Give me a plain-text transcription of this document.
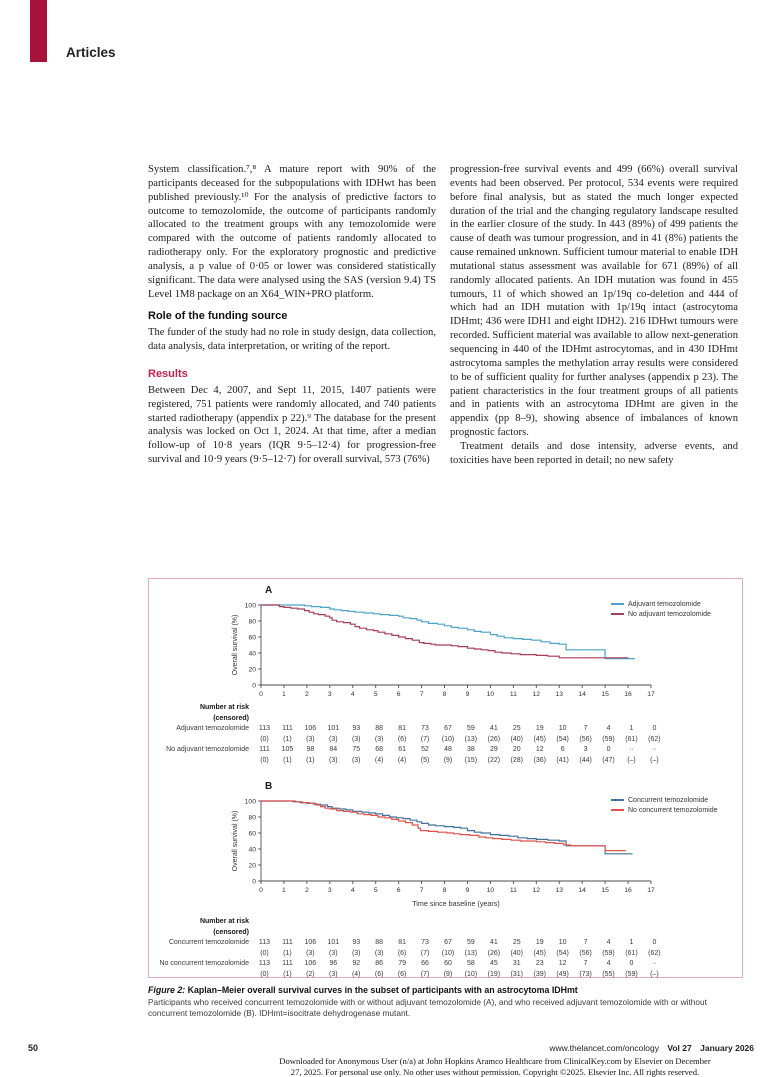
Articles

System classification.⁷,⁸ A mature report with 90% of the participants deceased for the subpopulations with IDHwt has been published previously.¹⁰ For the analysis of predictive factors to outcome to temozolomide, the outcome of participants randomly allocated to the treatment groups with any temozolomide were compared with the outcome of patients randomly allocated to radiotherapy only. For the exploratory prognostic and predictive analysis, a p value of 0·05 or lower was considered statistically significant. The data were analysed using the SAS (version 9.4) TS Level 1M8 package on an X64_WIN+PRO platform.

Role of the funding source

The funder of the study had no role in study design, data collection, data analysis, data interpretation, or writing of the report.

Results

Between Dec 4, 2007, and Sept 11, 2015, 1407 patients were registered, 751 patients were randomly allocated, and 740 patients started radiotherapy (appendix p 22).⁹ The database for the present analysis was locked on Oct 1, 2024. At that time, after a median follow-up of 10·8 years (IQR 9·5–12·4) for progression-free survival and 10·9 years (9·5–12·7) for overall survival, 573 (76%)

progression-free survival events and 499 (66%) overall survival events had been observed. Per protocol, 534 events were required before final analysis, but as stated the much longer expected duration of the trial and the changing regulatory landscape resulted in the earlier closure of the study. In 443 (89%) of 499 patients the cause of death was tumour progression, and in 41 (8%) patients the cause remained unknown. Sufficient tumour material to enable IDH mutational status assessment was available for 671 (89%) of all randomly allocated patients. An IDH mutation was found in 455 tumours, 11 of which showed an 1p/19q co-deletion and 444 of which had an IDH mutation with 1p/19q intact (astrocytoma IDHmt; 436 were IDH1 and eight IDH2). 216 IDHwt tumours were recorded. Sufficient material was available to allow next-generation sequencing in 440 of the IDHmt astrocytomas, and in 430 IDHmt astrocytoma samples the methylation array results were considered to be of sufficient quality for further analyses (appendix p 23). The patient characteristics in the four treatment groups of all patients and in patients with an astrocytoma IDHmt are given in the appendix (pp 8–9), showing absence of imbalances of known prognostic factors.

Treatment details and dose intensity, adverse events, and toxicities have been reported in detail; no new safety

A
0
20
40
60
80
100
0	1	2	3	4	5	6	7	8	9	10 11 12 13 14 15 16 17
Overall survival (%)
Adjuvant temozolomide
No adjuvant temozolomide
Number at risk
(censored)
Adjuvant temozolomide	113	111	106	101	93	88	81	73	67	59	41	25	19	10	7	4	1	0
(0)	(1)	(3)	(3)	(3)	(3)	(6)	(7)	(10)	(13)	(26)	(40)	(45)	(54)	(56)	(59)	(61)	(62)
No adjuvant temozolomide	111	105	98	84	75	68	61	52	48	38	29	20	12	6	3	0	··	··
(0)	(1)	(1)	(3)	(3)	(4)	(4)	(5)	(9)	(15)	(22)	(28)	(36)	(41)	(44)	(47)	(–)	(–)
B
0
20
40
60
80
100
0	1	2	3	4	5	6	7	8	9	10 11 12 13 14 15 16 17
Overall survival (%)
Time since baseline (years)
Concurrent temozolomide
No concurrent temozolomide
Number at risk
(censored)
Concurrent temozolomide	113	111	106	101	93	88	81	73	67	59	41	25	19	10	7	4	1	0
(0)	(1)	(3)	(3)	(3)	(3)	(6)	(7)	(10)	(13)	(26)	(40)	(45)	(54)	(56)	(59)	(61)	(62)
No concurrent temozolomide	113	111	106	96	92	86	79	66	60	58	45	31	23	12	7	4	0	··
(0)	(1)	(2)	(3)	(4)	(6)	(6)	(7)	(9)	(10)	(19)	(31)	(39)	(49)	(73)	(55)	(59)	(–)
Figure 2: Kaplan–Meier overall survival curves in the subset of participants with an astrocytoma IDHmt
Participants who received concurrent temozolomide with or without adjuvant temozolomide (A), and who received adjuvant temozolomide with or without concurrent temozolomide (B). IDHmt=isocitrate dehydrogenase mutant.
50	www.thelancet.com/oncology Vol 27 January 2026
Downloaded for Anonymous User (n/a) at John Hopkins Aramco Healthcare from ClinicalKey.com by Elsevier on December
27, 2025. For personal use only. No other uses without permission. Copyright ©2025. Elsevier Inc. All rights reserved.
